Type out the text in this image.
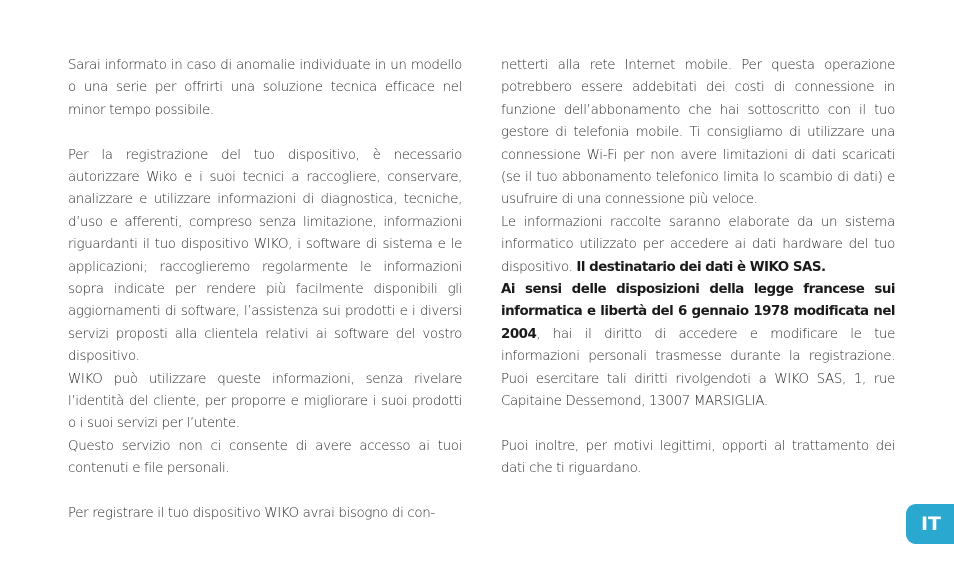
Sarai informato in caso di anomalie individuate in un modello o una serie per offrirti una soluzione tecnica efficace nel minor tempo possibile.

Per la registrazione del tuo dispositivo, è necessario autorizzare Wiko e i suoi tecnici a raccogliere, conservare, analizzare e utilizzare informazioni di diagnostica, tecniche, d’uso e afferenti, compreso senza limitazione, informazioni riguardanti il tuo dispositivo WIKO, i software di sistema e le applicazioni; raccoglieremo regolarmente le informazioni sopra indicate per rendere più facilmente disponibili gli aggiornamenti di software, l’assistenza sui prodotti e i diversi servizi proposti alla clientela relativi ai software del vostro dispositivo.

WIKO può utilizzare queste informazioni, senza rivelare l’identità del cliente, per proporre e migliorare i suoi prodotti o i suoi servizi per l’utente.

Questo servizio non ci consente di avere accesso ai tuoi contenuti e file personali.

Per registrare il tuo dispositivo WIKO avrai bisogno di con-

netterti alla rete Internet mobile. Per questa operazione potrebbero essere addebitati dei costi di connessione in funzione dell’abbonamento che hai sottoscritto con il tuo gestore di telefonia mobile. Ti consigliamo di utilizzare una connessione Wi-Fi per non avere limitazioni di dati scaricati (se il tuo abbonamento telefonico limita lo scambio di dati) e usufruire di una connessione più veloce.

Le informazioni raccolte saranno elaborate da un sistema informatico utilizzato per accedere ai dati hardware del tuo dispositivo. Il destinatario dei dati è WIKO SAS.

Ai sensi delle disposizioni della legge francese sui informatica e libertà del 6 gennaio 1978 modificata nel 2004, hai il diritto di accedere e modificare le tue informazioni personali trasmesse durante la registrazione. Puoi esercitare tali diritti rivolgendoti a WIKO SAS, 1, rue Capitaine Dessemond, 13007 MARSIGLIA.

Puoi inoltre, per motivi legittimi, opporti al trattamento dei dati che ti riguardano.

IT
